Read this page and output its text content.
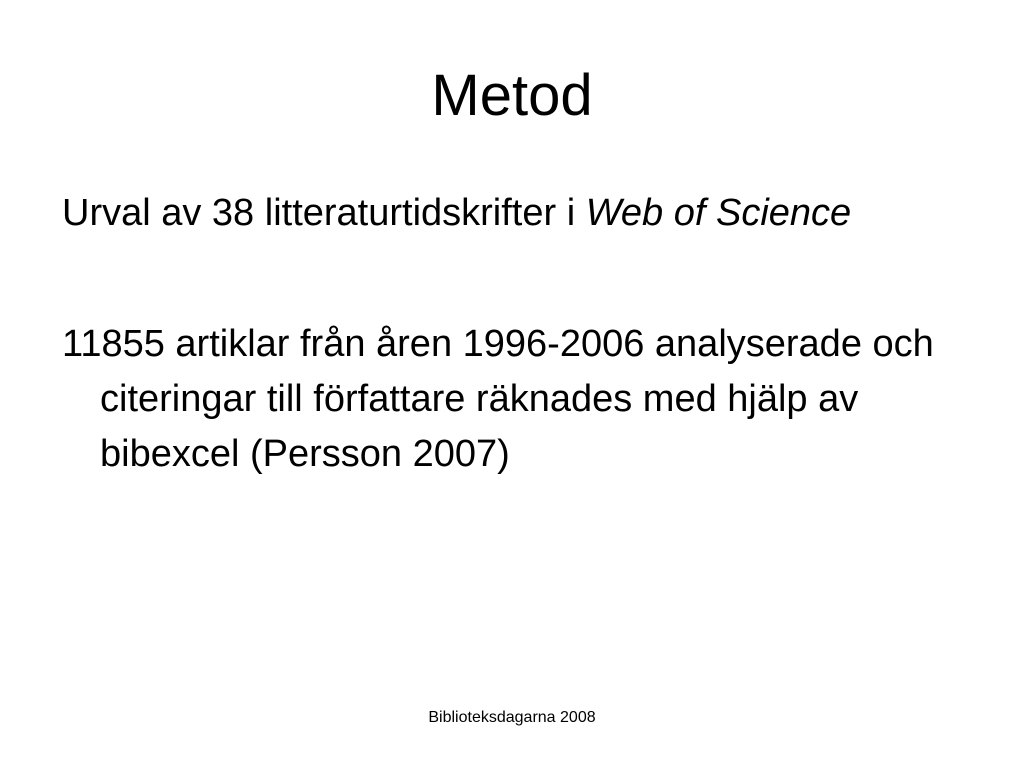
Metod

Urval av 38 litteraturtidskrifter i Web of Science

11855 artiklar från åren 1996-2006 analyserade och citeringar till författare räknades med hjälp av bibexcel (Persson 2007)

Biblioteksdagarna 2008
